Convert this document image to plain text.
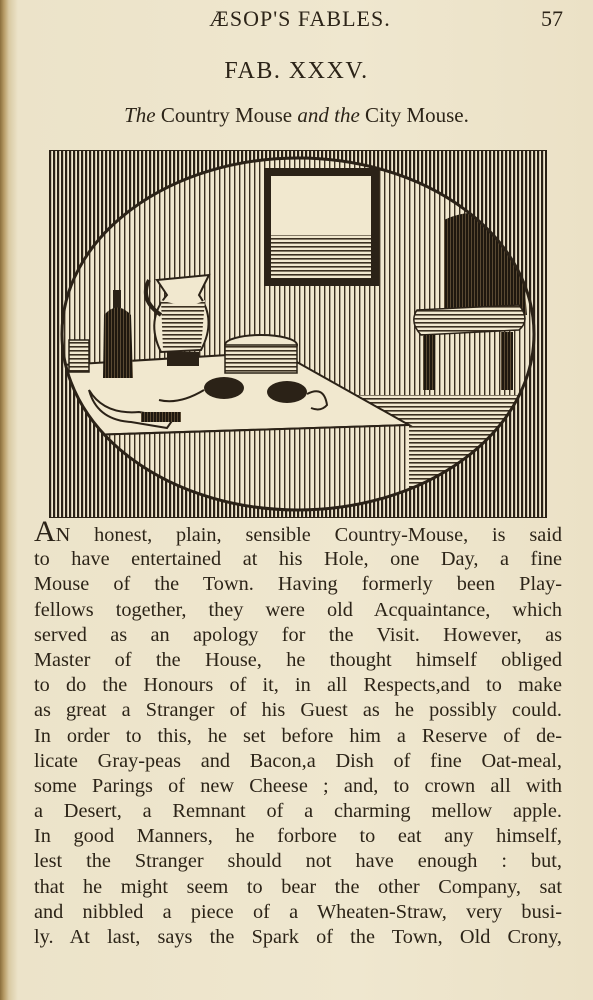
ÆSOP'S FABLES.	57
FAB. XXXV.
The Country Mouse and the City Mouse.
AN honest, plain, sensible Country-Mouse, is said
to have entertained at his Hole, one Day, a fine
Mouse of the Town. Having formerly been Play-
fellows together, they were old Acquaintance, which
served as an apology for the Visit. However, as
Master of the House, he thought himself obliged
to do the Honours of it, in all Respects,and to make
as great a Stranger of his Guest as he possibly could.
In order to this, he set before him a Reserve of de-
licate Gray-peas and Bacon,a Dish of fine Oat-meal,
some Parings of new Cheese ; and, to crown all with
a Desert, a Remnant of a charming mellow apple.
In good Manners, he forbore to eat any himself,
lest the Stranger should not have enough : but,
that he might seem to bear the other Company, sat
and nibbled a piece of a Wheaten-Straw, very busi-
ly. At last, says the Spark of the Town, Old Crony,
